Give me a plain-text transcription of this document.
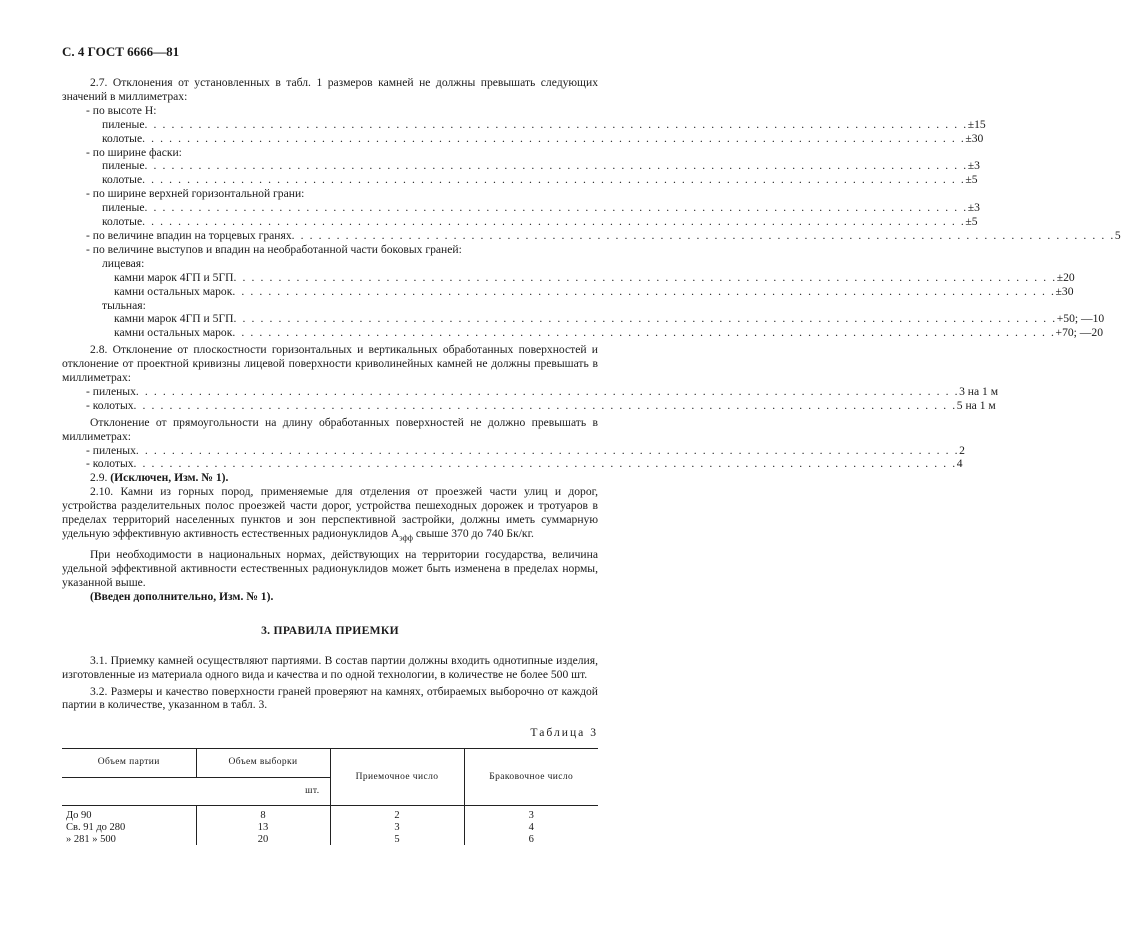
С. 4 ГОСТ 6666—81

2.7. Отклонения от установленных в табл. 1 размеров камней не должны превышать следующих значений в миллиметрах:

- по высоте Н:
пиленые . . . . . . . . . . . . . . . . . . . . . . . . . . . . . . . . . . . . . . . . . . . . . . . . . . . . . . . . . . . . . . . . . . . . . . . . . . . . . . . . . . . . . . . . . . . . ±15
колотые . . . . . . . . . . . . . . . . . . . . . . . . . . . . . . . . . . . . . . . . . . . . . . . . . . . . . . . . . . . . . . . . . . . . . . . . . . . . . . . . . . . . . . . . . . . . ±30
- по ширине фаски:
пиленые . . . . . . . . . . . . . . . . . . . . . . . . . . . . . . . . . . . . . . . . . . . . . . . . . . . . . . . . . . . . . . . . . . . . . . . . . . . . . . . . . . . . . . . . . . . . ±3
колотые . . . . . . . . . . . . . . . . . . . . . . . . . . . . . . . . . . . . . . . . . . . . . . . . . . . . . . . . . . . . . . . . . . . . . . . . . . . . . . . . . . . . . . . . . . . . ±5
- по ширине верхней горизонтальной грани:
пиленые . . . . . . . . . . . . . . . . . . . . . . . . . . . . . . . . . . . . . . . . . . . . . . . . . . . . . . . . . . . . . . . . . . . . . . . . . . . . . . . . . . . . . . . . . . . . ±3
колотые . . . . . . . . . . . . . . . . . . . . . . . . . . . . . . . . . . . . . . . . . . . . . . . . . . . . . . . . . . . . . . . . . . . . . . . . . . . . . . . . . . . . . . . . . . . . ±5
- по величине впадин на торцевых гранях . . . . . . . . . . . . . . . . . . . . . . . . . . . . . . . . . . . . . . . . . . . . . . . . . . . . . . . . . . . . . . . . . . . . . . . . . . . . . . . . . . . . . . . . . . . . 5
- по величине выступов и впадин на необработанной части боковых граней:
лицевая:
камни марок 4ГП и 5ГП . . . . . . . . . . . . . . . . . . . . . . . . . . . . . . . . . . . . . . . . . . . . . . . . . . . . . . . . . . . . . . . . . . . . . . . . . . . . . . . . . . . . . . . . . . . . ±20
камни остальных марок . . . . . . . . . . . . . . . . . . . . . . . . . . . . . . . . . . . . . . . . . . . . . . . . . . . . . . . . . . . . . . . . . . . . . . . . . . . . . . . . . . . . . . . . . . . . ±30
тыльная:
камни марок 4ГП и 5ГП . . . . . . . . . . . . . . . . . . . . . . . . . . . . . . . . . . . . . . . . . . . . . . . . . . . . . . . . . . . . . . . . . . . . . . . . . . . . . . . . . . . . . . . . . . . . +50; —10
камни остальных марок . . . . . . . . . . . . . . . . . . . . . . . . . . . . . . . . . . . . . . . . . . . . . . . . . . . . . . . . . . . . . . . . . . . . . . . . . . . . . . . . . . . . . . . . . . . . +70; —20

2.8. Отклонение от плоскостности горизонтальных и вертикальных обработанных поверхностей и отклонение от проектной кривизны лицевой поверхности криволинейных камней не должны превышать в миллиметрах:

- пиленых . . . . . . . . . . . . . . . . . . . . . . . . . . . . . . . . . . . . . . . . . . . . . . . . . . . . . . . . . . . . . . . . . . . . . . . . . . . . . . . . . . . . . . . . . . . . 3 на 1 м
- колотых . . . . . . . . . . . . . . . . . . . . . . . . . . . . . . . . . . . . . . . . . . . . . . . . . . . . . . . . . . . . . . . . . . . . . . . . . . . . . . . . . . . . . . . . . . . . 5 на 1 м

Отклонение от прямоугольности на длину обработанных поверхностей не должно превышать в миллиметрах:

- пиленых . . . . . . . . . . . . . . . . . . . . . . . . . . . . . . . . . . . . . . . . . . . . . . . . . . . . . . . . . . . . . . . . . . . . . . . . . . . . . . . . . . . . . . . . . . . . 2
- колотых . . . . . . . . . . . . . . . . . . . . . . . . . . . . . . . . . . . . . . . . . . . . . . . . . . . . . . . . . . . . . . . . . . . . . . . . . . . . . . . . . . . . . . . . . . . . 4

2.9. (Исключен, Изм. № 1).

2.10. Камни из горных пород, применяемые для отделения от проезжей части улиц и дорог, устройства разделительных полос проезжей части дорог, устройства пешеходных дорожек и тротуаров в пределах территорий населенных пунктов и зон перспективной застройки, должны иметь суммарную удельную эффективную активность естественных радионуклидов $А_{эфф}$ свыше 370 до 740 Бк/кг.

При необходимости в национальных нормах, действующих на территории государства, величина удельной эффективной активности естественных радионуклидов может быть изменена в пределах нормы, указанной выше.

(Введен дополнительно, Изм. № 1).

3. ПРАВИЛА ПРИЕМКИ

3.1. Приемку камней осуществляют партиями. В состав партии должны входить однотипные изделия, изготовленные из материала одного вида и качества и по одной технологии, в количестве не более 500 шт.

3.2. Размеры и качество поверхности граней проверяют на камнях, отбираемых выборочно от каждой партии в количестве, указанном в табл. 3.

Таблица 3
Объем партии	Объем выборки	Приемочное число	Браковочное число
шт.			
До 90	8	2	3
Св. 91 до 280	13	3	4
» 281 » 500	20	5	6
